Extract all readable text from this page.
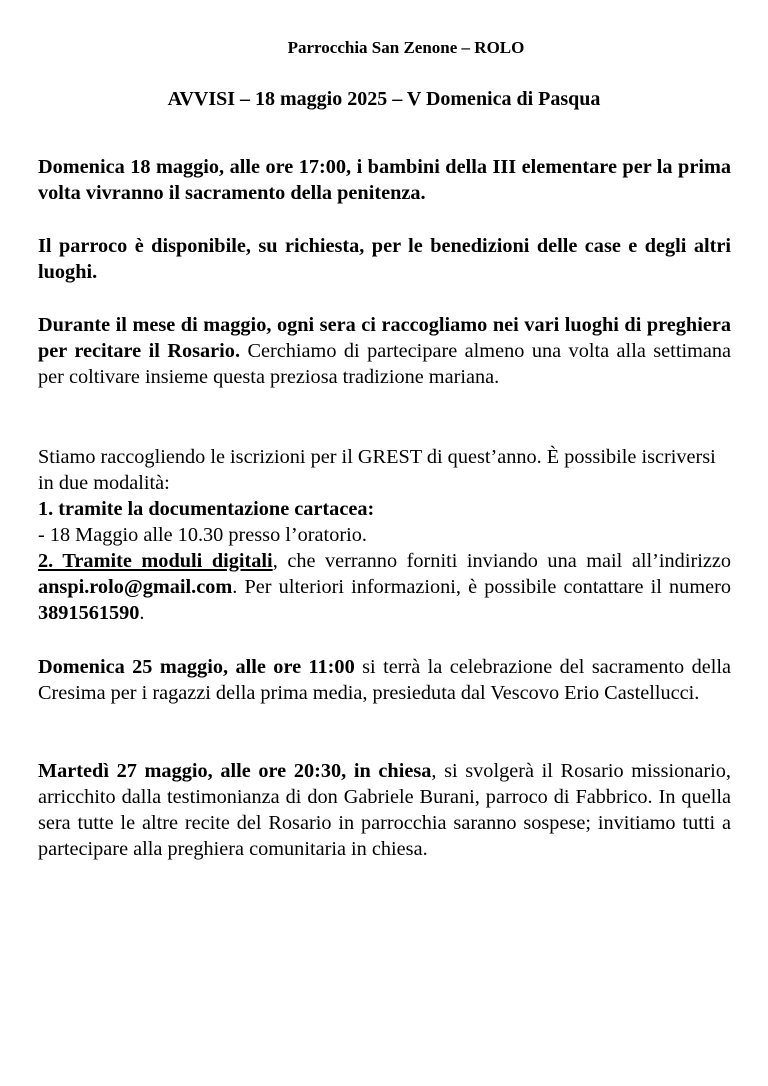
Parrocchia San Zenone – ROLO
AVVISI – 18 maggio 2025 – V Domenica di Pasqua

Domenica 18 maggio, alle ore 17:00, i bambini della III elementare per la prima volta vivranno il sacramento della penitenza.

Il parroco è disponibile, su richiesta, per le benedizioni delle case e degli altri luoghi.

Durante il mese di maggio, ogni sera ci raccogliamo nei vari luoghi di preghiera per recitare il Rosario. Cerchiamo di partecipare almeno una volta alla settimana per coltivare insieme questa preziosa tradizione mariana.

Stiamo raccogliendo le iscrizioni per il GREST di quest’anno. È possibile iscriversi in due modalità:

1. tramite la documentazione cartacea:

- 18 Maggio alle 10.30 presso l’oratorio.

2. Tramite moduli digitali, che verranno forniti inviando una mail all’indirizzo anspi.rolo@gmail.com. Per ulteriori informazioni, è possibile contattare il numero 3891561590.

Domenica 25 maggio, alle ore 11:00 si terrà la celebrazione del sacramento della Cresima per i ragazzi della prima media, presieduta dal Vescovo Erio Castellucci.

Martedì 27 maggio, alle ore 20:30, in chiesa, si svolgerà il Rosario missionario, arricchito dalla testimonianza di don Gabriele Burani, parroco di Fabbrico. In quella sera tutte le altre recite del Rosario in parrocchia saranno sospese; invitiamo tutti a partecipare alla preghiera comunitaria in chiesa.
